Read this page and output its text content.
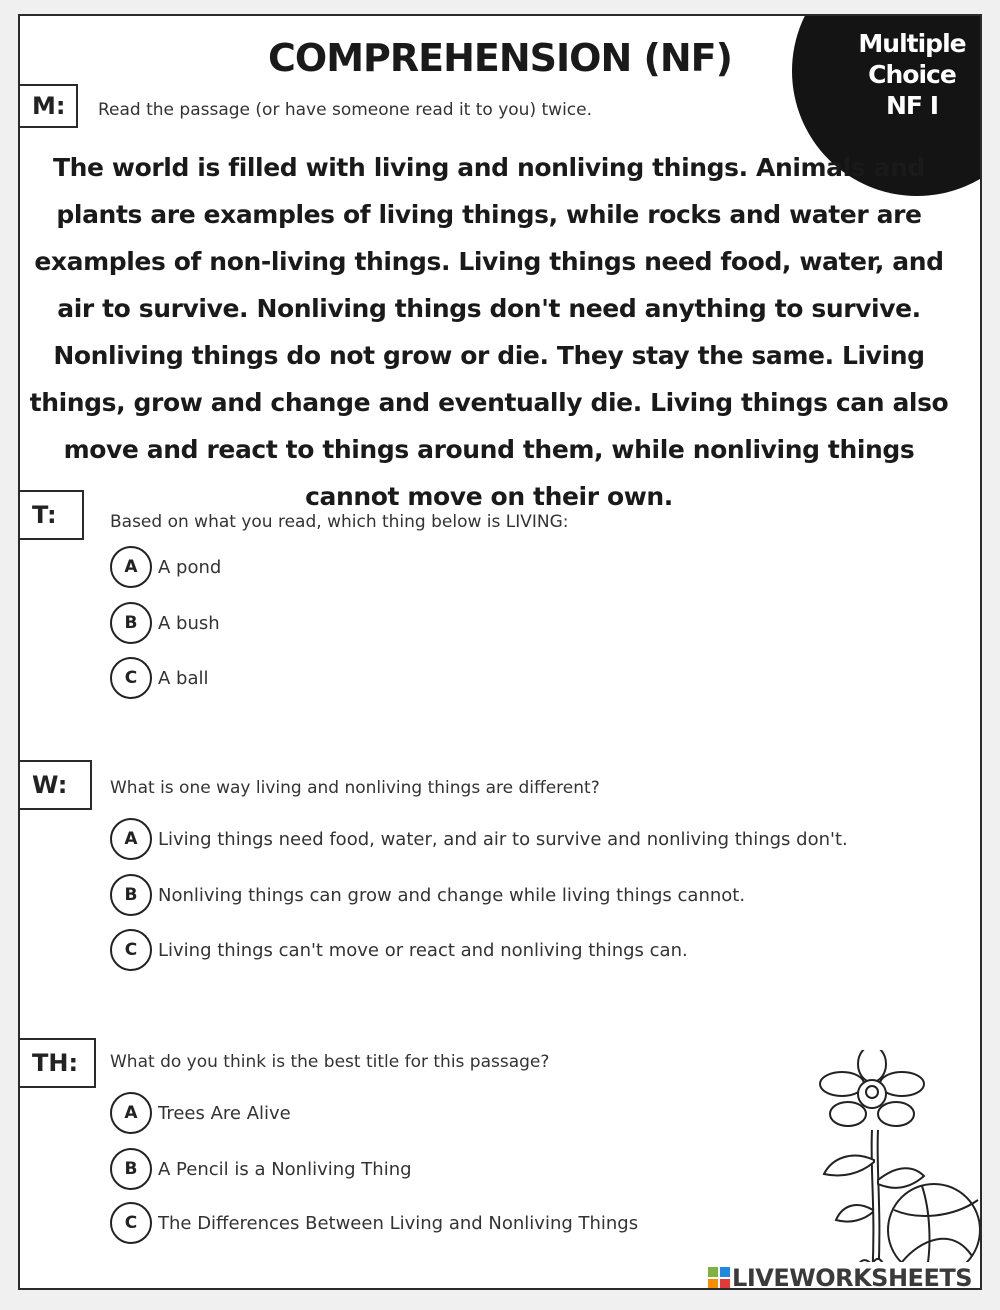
Multiple
Choice
NF I
COMPREHENSION (NF)
M: Read the passage (or have someone read it to you) twice.
The world is filled with living and nonliving things. Animals and plants are examples of living things, while rocks and water are examples of non-living things. Living things need food, water, and air to survive. Nonliving things don't need anything to survive. Nonliving things do not grow or die. They stay the same. Living things, grow and change and eventually die. Living things can also move and react to things around them, while nonliving things cannot move on their own.
T:	Based on what you read, which thing below is LIVING:
A	A pond
B	A bush
C	A ball
W:	What is one way living and nonliving things are different?
A	Living things need food, water, and air to survive and nonliving things don't.
B	Nonliving things can grow and change while living things cannot.
C	Living things can't move or react and nonliving things can.
TH: What do you think is the best title for this passage?
A	Trees Are Alive
B	A Pencil is a Nonliving Thing
C	The Differences Between Living and Nonliving Things
LIVEWORKSHEETS
